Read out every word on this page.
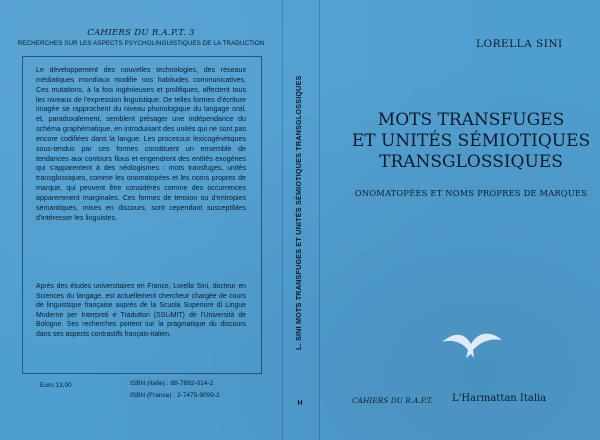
CAHIERS DU R.A.P.T. 3
RECHERCHES SUR LES ASPECTS PSYCHOLINGUISTIQUES DE LA TRADUCTION

Le développement des nouvelles technologies, des réseaux médiatiques mondiaux modifie nos habitudes communicatives. Ces mutations, à la fois ingénieuses et prolifiques, affectent tous les niveaux de l'expression linguistique. De telles formes d'écriture imagée se rapprochent du niveau phonologique du langage oral, et, paradoxalement, semblent présager une indépendance du schéma graphématique, en introduisant des unités qui ne sont pas encore codifiées dans la langue. Les processus lexicogénétiques sous-tendus par ces formes constituent un ensemble de tendances aux contours flous et engendrent des entités exogènes qui s'apparentent à des néologismes : mots transfuges, unités transglossiques, comme les onomatopées et les noms propres de marque, qui peuvent être considérés comme des occurrences apparemment marginales. Ces formes de tension ou d'entropies sémantiques, mises en discours, sont cependant susceptibles d'intéresser les linguistes.

Après des études universitaires en France, Lorella Sini, docteur en Sciences du langage, est actuellement chercheur chargée de cours de linguistique française auprès de la Scuola Superiore di Lingue Moderne per Interpreti e Traduttori (SSLiMIT) de l'Università de Bologne. Ses recherches portent sur la pragmatique du discours dans ses aspects contrastifs français-italien.

Euro 13,00	ISBN (Italie) : 88-7892-014-2
ISBN (France) : 2-7475-9099-2
L. SINI MOTS TRANSFUGES ET UNITÉS SÉMIOTIQUES TRANSGLOSSIQUES
H
LORELLA SINI
MOTS TRANSFUGES
ET UNITÉS SÉMIOTIQUES
TRANSGLOSSIQUES
ONOMATOPÉES ET NOMS PROPRES DE MARQUES
CAHIERS DU R.A.P.T. L'Harmattan Italia
